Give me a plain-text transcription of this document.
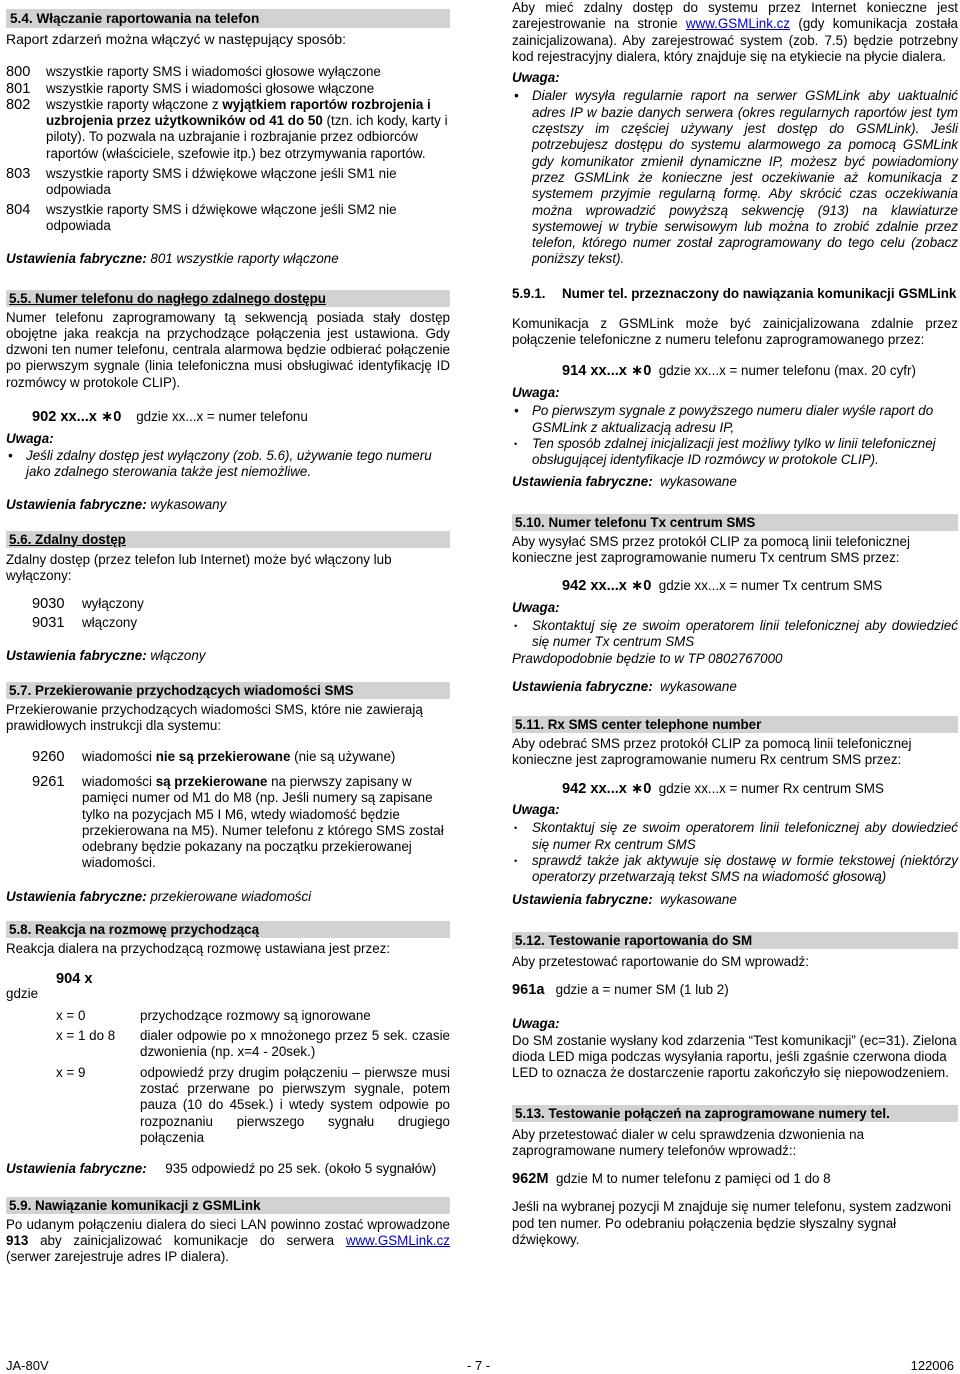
5.4. Włączanie raportowania na telefon

Raport zdarzeń można włączyć w następujący sposób:

800	wszystkie raporty SMS i wiadomości głosowe wyłączone
801	wszystkie raporty SMS i wiadomości głosowe włączone
802	wszystkie raporty włączone z wyjątkiem raportów rozbrojenia i uzbrojenia przez użytkowników od 41 do 50 (tzn. ich kody, karty i piloty). To pozwala na uzbrajanie i rozbrajanie przez odbiorców raportów (właściciele, szefowie itp.) bez otrzymywania raportów.
803	wszystkie raporty SMS i dźwiękowe włączone jeśli SM1 nie odpowiada
804	wszystkie raporty SMS i dźwiękowe włączone jeśli SM2 nie odpowiada

Ustawienia fabryczne: 801 wszystkie raporty włączone

5.5. Numer telefonu do nagłego zdalnego dostępu

Numer telefonu zaprogramowany tą sekwencją posiada stały dostęp obojętne jaka reakcja na przychodzące połączenia jest ustawiona. Gdy dzwoni ten numer telefonu, centrala alarmowa będzie odbierać połączenie po pierwszym sygnale (linia telefoniczna musi obsługiwać identyfikację ID rozmówcy w protokole CLIP).

902 xx...x ∗0 gdzie xx...x = numer telefonu

Uwaga:

• Jeśli zdalny dostęp jest wyłączony (zob. 5.6), używanie tego numeru jako zdalnego sterowania także jest niemożliwe.

Ustawienia fabryczne: wykasowany

5.6. Zdalny dostęp

Zdalny dostęp (przez telefon lub Internet) może być włączony lub wyłączony:

9030	wyłączony
9031	włączony

Ustawienia fabryczne: włączony

5.7. Przekierowanie przychodzących wiadomości SMS

Przekierowanie przychodzących wiadomości SMS, które nie zawierają prawidłowych instrukcji dla systemu:

9260	wiadomości nie są przekierowane (nie są używane)
9261	wiadomości są przekierowane na pierwszy zapisany w pamięci numer od M1 do M8 (np. Jeśli numery są zapisane tylko na pozycjach M5 I M6, wtedy wiadomość będzie przekierowana na M5). Numer telefonu z którego SMS został odebrany będzie pokazany na początku przekierowanej wiadomości.

Ustawienia fabryczne: przekierowane wiadomości

5.8. Reakcja na rozmowę przychodzącą

Reakcja dialera na przychodzącą rozmowę ustawiana jest przez:

904 x

gdzie

x = 0	przychodzące rozmowy są ignorowane
x = 1 do 8	dialer odpowie po x mnożonego przez 5 sek. czasie dzwonienia (np. x=4 - 20sek.)
x = 9	odpowiedź przy drugim połączeniu – pierwsze musi zostać przerwane po pierwszym sygnale, potem pauza (10 do 45sek.) i wtedy system odpowie po rozpoznaniu pierwszego sygnału drugiego połączenia

Ustawienia fabryczne: 935 odpowiedź po 25 sek. (około 5 sygnałów)

5.9. Nawiązanie komunikacji z GSMLink

Po udanym połączeniu dialera do sieci LAN powinno zostać wprowadzone 913 aby zainicjalizować komunikacje do serwera www.GSMLink.cz (serwer zarejestruje adres IP dialera).

Aby mieć zdalny dostęp do systemu przez Internet konieczne jest zarejestrowanie na stronie www.GSMLink.cz (gdy komunikacja została zainicjalizowana). Aby zarejestrować system (zob. 7.5) będzie potrzebny kod rejestracyjny dialera, który znajduje się na etykiecie na płycie dialera.

Uwaga:

• Dialer wysyła regularnie raport na serwer GSMLink aby uaktualnić adres IP w bazie danych serwera (okres regularnych raportów jest tym częstszy im częściej używany jest dostęp do GSMLink). Jeśli potrzebujesz dostępu do systemu alarmowego za pomocą GSMLink gdy komunikator zmienił dynamiczne IP, możesz być powiadomiony przez GSMLink że konieczne jest oczekiwanie aż komunikacja z systemem przyjmie regularną formę. Aby skrócić czas oczekiwania można wprowadzić powyższą sekwencję (913) na klawiaturze systemowej w trybie serwisowym lub można to zrobić zdalnie przez telefon, którego numer został zaprogramowany do tego celu (zobacz poniższy tekst).
5.9.1.	Numer tel. przeznaczony do nawiązania komunikacji GSMLink

Komunikacja z GSMLink może być zainicjalizowana zdalnie przez połączenie telefoniczne z numeru telefonu zaprogramowanego przez:

914 xx...x ∗0 gdzie xx...x = numer telefonu (max. 20 cyfr)

Uwaga:

• Po pierwszym sygnale z powyższego numeru dialer wyśle raport do GSMLink z aktualizacją adresu IP,
•	Ten sposób zdalnej inicjalizacji jest możliwy tylko w linii telefonicznej obsługującej identyfikacje ID rozmówcy w protokole CLIP).

Ustawienia fabryczne: wykasowane

5.10. Numer telefonu Tx centrum SMS

Aby wysyłać SMS przez protokół CLIP za pomocą linii telefonicznej konieczne jest zaprogramowanie numeru Tx centrum SMS przez:

942 xx...x ∗0 gdzie xx...x = numer Tx centrum SMS

Uwaga:

•	Skontaktuj się ze swoim operatorem linii telefonicznej aby dowiedzieć się numer Tx centrum SMS

Prawdopodobnie będzie to w TP 0802767000

Ustawienia fabryczne: wykasowane

5.11. Rx SMS center telephone number

Aby odebrać SMS przez protokół CLIP za pomocą linii telefonicznej konieczne jest zaprogramowanie numeru Rx centrum SMS przez:

942 xx...x ∗0 gdzie xx...x = numer Rx centrum SMS

Uwaga:

•	Skontaktuj się ze swoim operatorem linii telefonicznej aby dowiedzieć się numer Rx centrum SMS
•	sprawdź także jak aktywuje się dostawę w formie tekstowej (niektórzy operatorzy przetwarzają tekst SMS na wiadomość głosową)

Ustawienia fabryczne: wykasowane

5.12. Testowanie raportowania do SM

Aby przetestować raportowanie do SM wprowadź:

961a gdzie a = numer SM (1 lub 2)

Uwaga:

Do SM zostanie wysłany kod zdarzenia “Test komunikacji” (ec=31). Zielona dioda LED miga podczas wysyłania raportu, jeśli zgaśnie czerwona dioda LED to oznacza że dostarczenie raportu zakończyło się niepowodzeniem.

5.13. Testowanie połączeń na zaprogramowane numery tel.

Aby przetestować dialer w celu sprawdzenia dzwonienia na zaprogramowane numery telefonów wprowadź::

962M gdzie M to numer telefonu z pamięci od 1 do 8

Jeśli na wybranej pozycji M znajduje się numer telefonu, system zadzwoni pod ten numer. Po odebraniu połączenia będzie słyszalny sygnał dźwiękowy.

JA-80V	- 7 -	122006
